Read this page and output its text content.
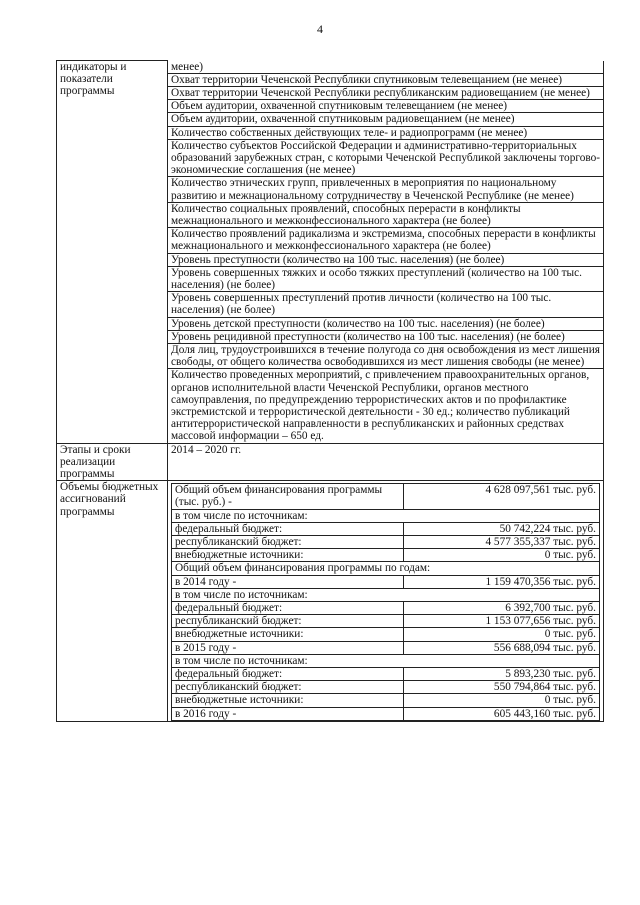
4
индикаторы и показатели программы	менее)
Охват территории Чеченской Республики спутниковым телевещанием (не менее)
Охват территории Чеченской Республики республиканским радиовещанием (не менее)
Объем аудитории, охваченной спутниковым телевещанием (не менее)
Объем аудитории, охваченной спутниковым радиовещанием (не менее)
Количество собственных действующих теле- и радиопрограмм (не менее)
Количество субъектов Российской Федерации и административно-территориальных образований зарубежных стран, с которыми Чеченской Республикой заключены торгово-экономические соглашения (не менее)
Количество этнических групп, привлеченных в мероприятия по национальному развитию и межнациональному сотрудничеству в Чеченской Республике (не менее)
Количество социальных проявлений, способных перерасти в конфликты межнационального и межконфессионального характера (не более)
Количество проявлений радикализма и экстремизма, способных перерасти в конфликты межнационального и межконфессионального характера (не более)
Уровень преступности (количество на 100 тыс. населения) (не более)
Уровень совершенных тяжких и особо тяжких преступлений (количество на 100 тыс. населения) (не более)
Уровень совершенных преступлений против личности (количество на 100 тыс. населения) (не более)
Уровень детской преступности (количество на 100 тыс. населения) (не более)
Уровень рецидивной преступности (количество на 100 тыс. населения) (не более)
Доля лиц, трудоустроившихся в течение полугода со дня освобождения из мест лишения свободы, от общего количества освободившихся из мест лишения свободы (не менее)
Количество проведенных мероприятий, с привлечением правоохранительных органов, органов исполнительной власти Чеченской Республики, органов местного самоуправления, по предупреждению террористических актов и по профилактике экстремистской и террористической деятельности - 30 ед.; количество публикаций антитеррористической направленности в республиканских и районных средствах массовой информации – 650 ед.
Этапы и сроки реализации программы	2014 – 2020 гг.
Объемы бюджетных ассигнований программы	
Общий объем финансирования программы (тыс. руб.) -	4 628 097,561 тыс. руб.
в том числе по источникам:
федеральный бюджет:	50 742,224 тыс. руб.
республиканский бюджет:	4 577 355,337 тыс. руб.
внебюджетные источники:	0 тыс. руб.
Общий объем финансирования программы по годам:
в 2014 году -	1 159 470,356 тыс. руб.
в том числе по источникам:
федеральный бюджет:	6 392,700 тыс. руб.
республиканский бюджет:	1 153 077,656 тыс. руб.
внебюджетные источники:	0 тыс. руб.
в 2015 году -	556 688,094 тыс. руб.
в том числе по источникам:
федеральный бюджет:	5 893,230 тыс. руб.
республиканский бюджет:	550 794,864 тыс. руб.
внебюджетные источники:	0 тыс. руб.
в 2016 году -	605 443,160 тыс. руб.
